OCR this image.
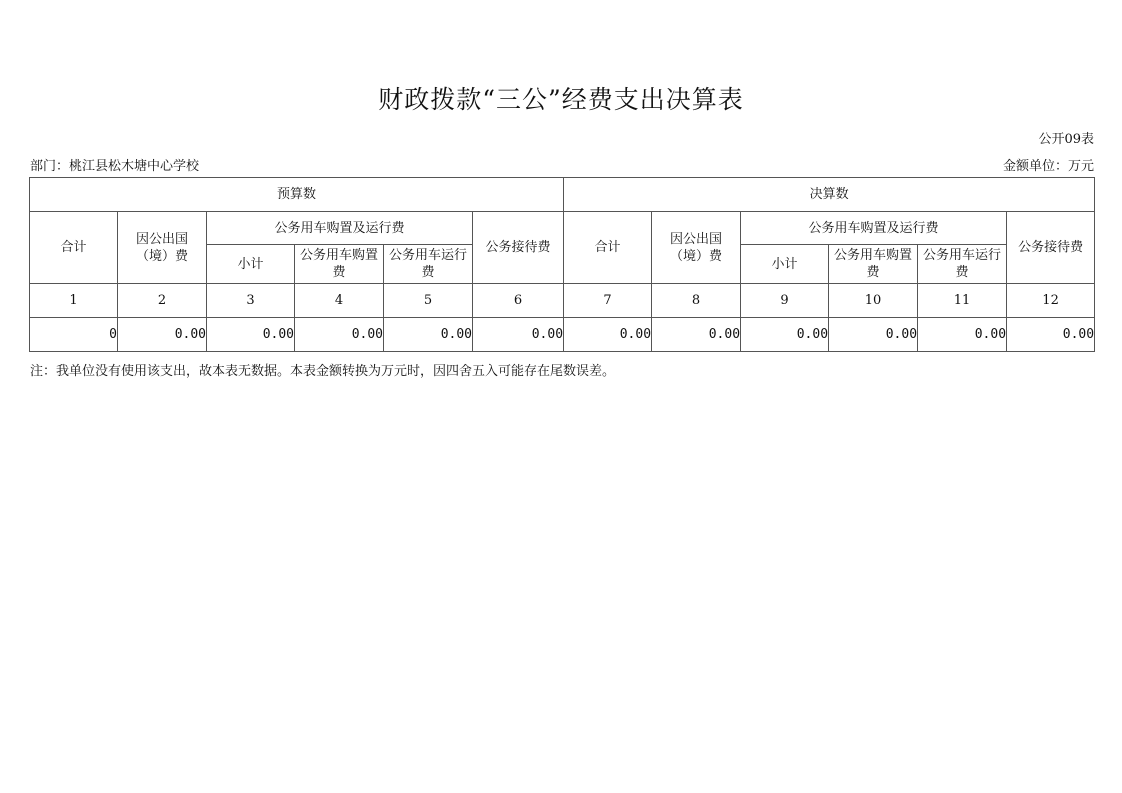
财政拨款“三公”经费支出决算表
公开09表
部门：桃江县松木塘中心学校	金额单位：万元
预算数						决算数					
合计	因公出国（境）费	公务用车购置及运行费			公务接待费	合计	因公出国（境）费	公务用车购置及运行费			公务接待费
		小计	公务用车购置费	公务用车运行费				小计	公务用车购置费	公务用车运行费	
1	2	3	4	5	6	7	8	9	10	11	12
0	0.00	0.00	0.00	0.00	0.00	0.00	0.00	0.00	0.00	0.00	0.00
注：我单位没有使用该支出，故本表无数据。本表金额转换为万元时，因四舍五入可能存在尾数误差。
